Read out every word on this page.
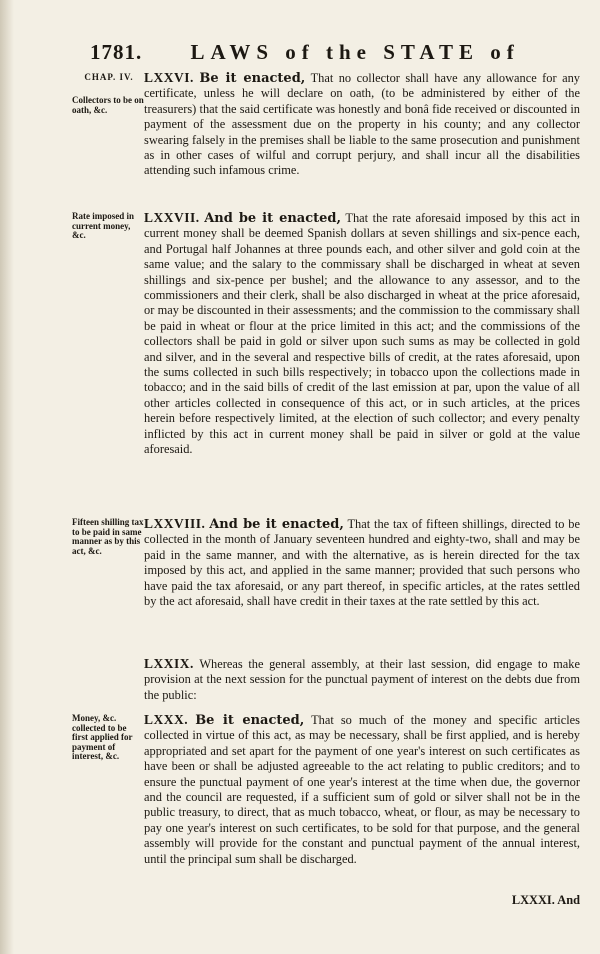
1781.	LAWS of the STATE of
CHAP. IV.
Collectors to be on oath, &c.
LXXVI. Be it enacted, That no collector shall have any allowance for any certificate, unless he will declare on oath, (to be administered by either of the treasurers) that the said certificate was honestly and bonâ fide received or discounted in payment of the assessment due on the property in his county; and any collector swearing falsely in the premises shall be liable to the same prosecution and punishment as in other cases of wilful and corrupt perjury, and shall incur all the disabilities attending such infamous crime.
Rate imposed in current money, &c.
LXXVII. And be it enacted, That the rate aforesaid imposed by this act in current money shall be deemed Spanish dollars at seven shillings and six-pence each, and Portugal half Johannes at three pounds each, and other silver and gold coin at the same value; and the salary to the commissary shall be discharged in wheat at seven shillings and six-pence per bushel; and the allowance to any assessor, and to the commissioners and their clerk, shall be also discharged in wheat at the price aforesaid, or may be discounted in their assessments; and the commission to the commissary shall be paid in wheat or flour at the price limited in this act; and the commissions of the collectors shall be paid in gold or silver upon such sums as may be collected in gold and silver, and in the several and respective bills of credit, at the rates aforesaid, upon the sums collected in such bills respectively; in tobacco upon the collections made in tobacco; and in the said bills of credit of the last emission at par, upon the value of all other articles collected in consequence of this act, or in such articles, at the prices herein before respectively limited, at the election of such collector; and every penalty inflicted by this act in current money shall be paid in silver or gold at the value aforesaid.
Fifteen shilling tax to be paid in same manner as by this act, &c.
LXXVIII. And be it enacted, That the tax of fifteen shillings, directed to be collected in the month of January seventeen hundred and eighty-two, shall and may be paid in the same manner, and with the alternative, as is herein directed for the tax imposed by this act, and applied in the same manner; provided that such persons who have paid the tax aforesaid, or any part thereof, in specific articles, at the rates settled by the act aforesaid, shall have credit in their taxes at the rate settled by this act.
LXXIX. Whereas the general assembly, at their last session, did engage to make provision at the next session for the punctual payment of interest on the debts due from the public:
Money, &c. collected to be first applied for payment of interest, &c.
LXXX. Be it enacted, That so much of the money and specific articles collected in virtue of this act, as may be necessary, shall be first applied, and is hereby appropriated and set apart for the payment of one year's interest on such certificates as have been or shall be adjusted agreeable to the act relating to public creditors; and to ensure the punctual payment of one year's interest at the time when due, the governor and the council are requested, if a sufficient sum of gold or silver shall not be in the public treasury, to direct, that as much tobacco, wheat, or flour, as may be necessary to pay one year's interest on such certificates, to be sold for that purpose, and the general assembly will provide for the constant and punctual payment of the annual interest, until the principal sum shall be discharged.
LXXXI. And
